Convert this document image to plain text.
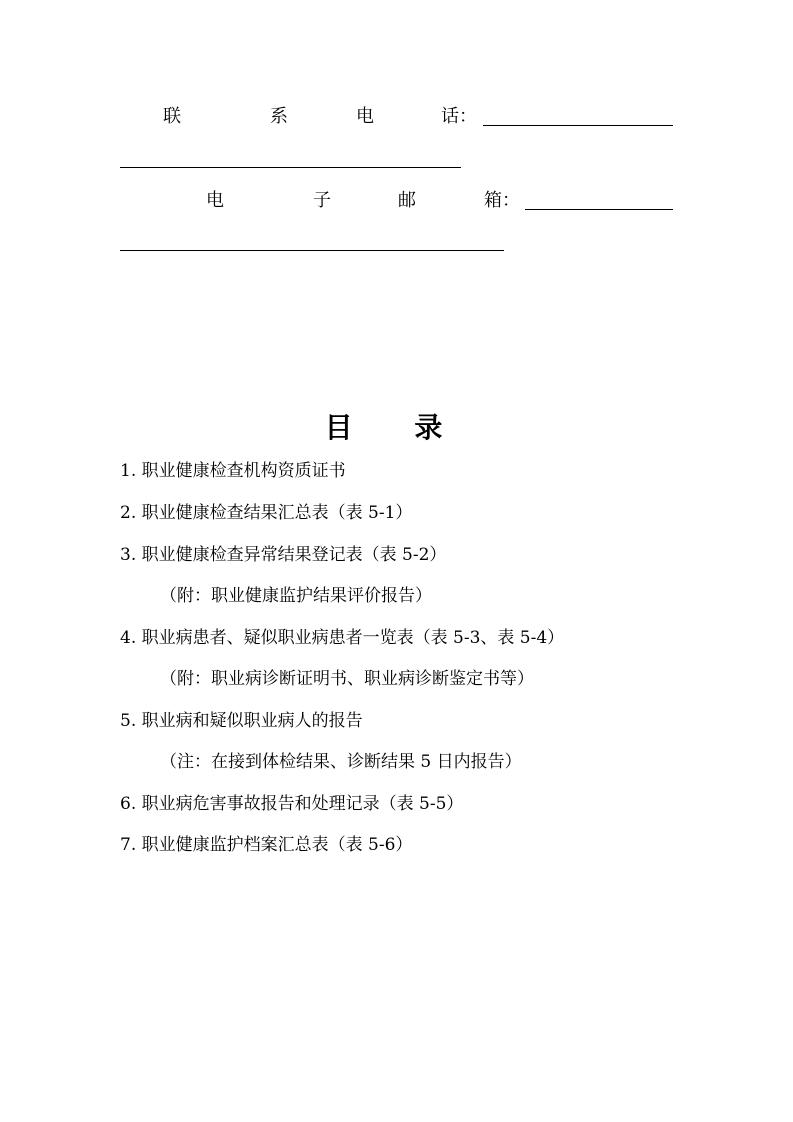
联	系	电	话：
电	子	邮	箱：
目 录
1. 职业健康检查机构资质证书
2. 职业健康检查结果汇总表（表 5-1）
3. 职业健康检查异常结果登记表（表 5-2）
（附：职业健康监护结果评价报告）
4. 职业病患者、疑似职业病患者一览表（表 5-3、表 5-4）
（附：职业病诊断证明书、职业病诊断鉴定书等）
5. 职业病和疑似职业病人的报告
（注：在接到体检结果、诊断结果 5 日内报告）
6. 职业病危害事故报告和处理记录（表 5-5）
7. 职业健康监护档案汇总表（表 5-6）
